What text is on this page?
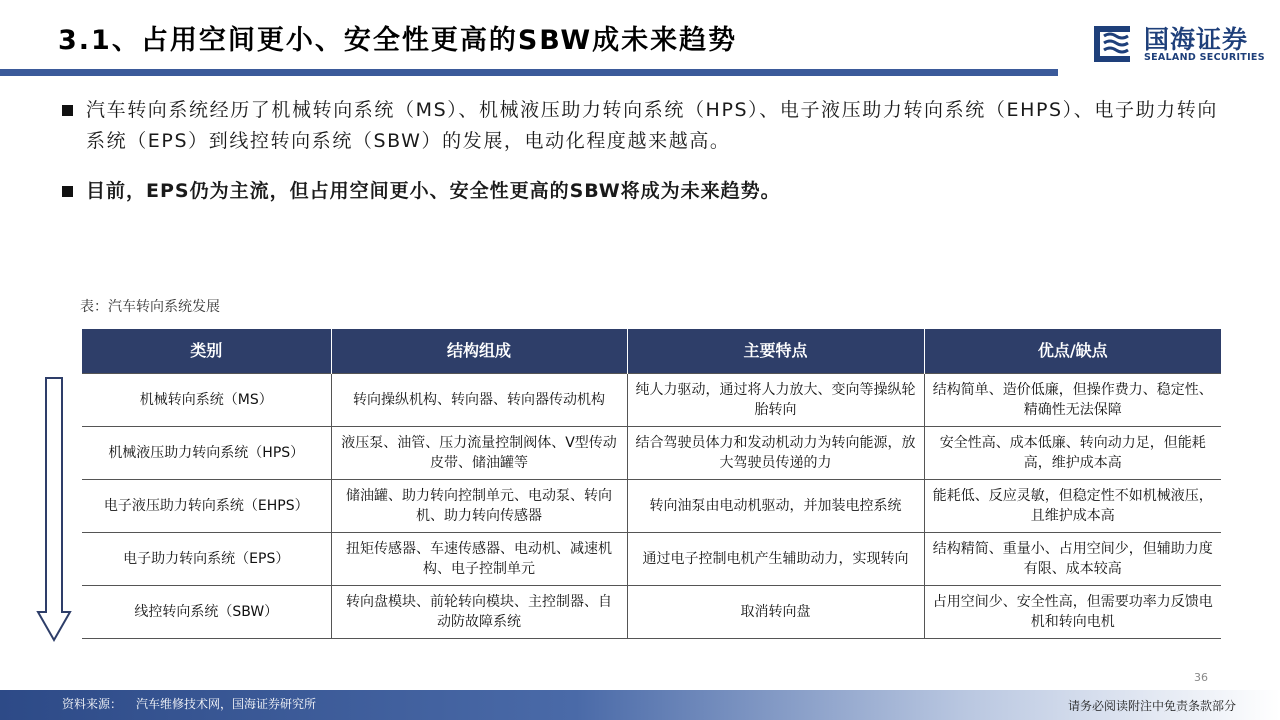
3.1、占用空间更小、安全性更高的SBW成未来趋势	国海证券
SEALAND SECURITIES
汽车转向系统经历了机械转向系统（MS）、机械液压助力转向系统（HPS）、电子液压助力转向系统（EHPS）、电子助力转向系统（EPS）到线控转向系统（SBW）的发展，电动化程度越来越高。
目前，EPS仍为主流，但占用空间更小、安全性更高的SBW将成为未来趋势。
表：汽车转向系统发展
类别	结构组成	主要特点	优点/缺点
机械转向系统（MS）	转向操纵机构、转向器、转向器传动机构	纯人力驱动，通过将人力放大、变向等操纵轮胎转向	结构简单、造价低廉，但操作费力、稳定性、精确性无法保障
机械液压助力转向系统（HPS）	液压泵、油管、压力流量控制阀体、V型传动皮带、储油罐等	结合驾驶员体力和发动机动力为转向能源，放大驾驶员传递的力	安全性高、成本低廉、转向动力足，但能耗高，维护成本高
电子液压助力转向系统（EHPS）	储油罐、助力转向控制单元、电动泵、转向机、助力转向传感器	转向油泵由电动机驱动，并加装电控系统	能耗低、反应灵敏，但稳定性不如机械液压，且维护成本高
电子助力转向系统（EPS）	扭矩传感器、车速传感器、电动机、减速机构、电子控制单元	通过电子控制电机产生辅助动力，实现转向	结构精简、重量小、占用空间少，但辅助力度有限、成本较高
线控转向系统（SBW）	转向盘模块、前轮转向模块、主控制器、自动防故障系统	取消转向盘	占用空间少、安全性高，但需要功率力反馈电机和转向电机
36
资料来源： 汽车维修技术网，国海证券研究所	请务必阅读附注中免责条款部分
